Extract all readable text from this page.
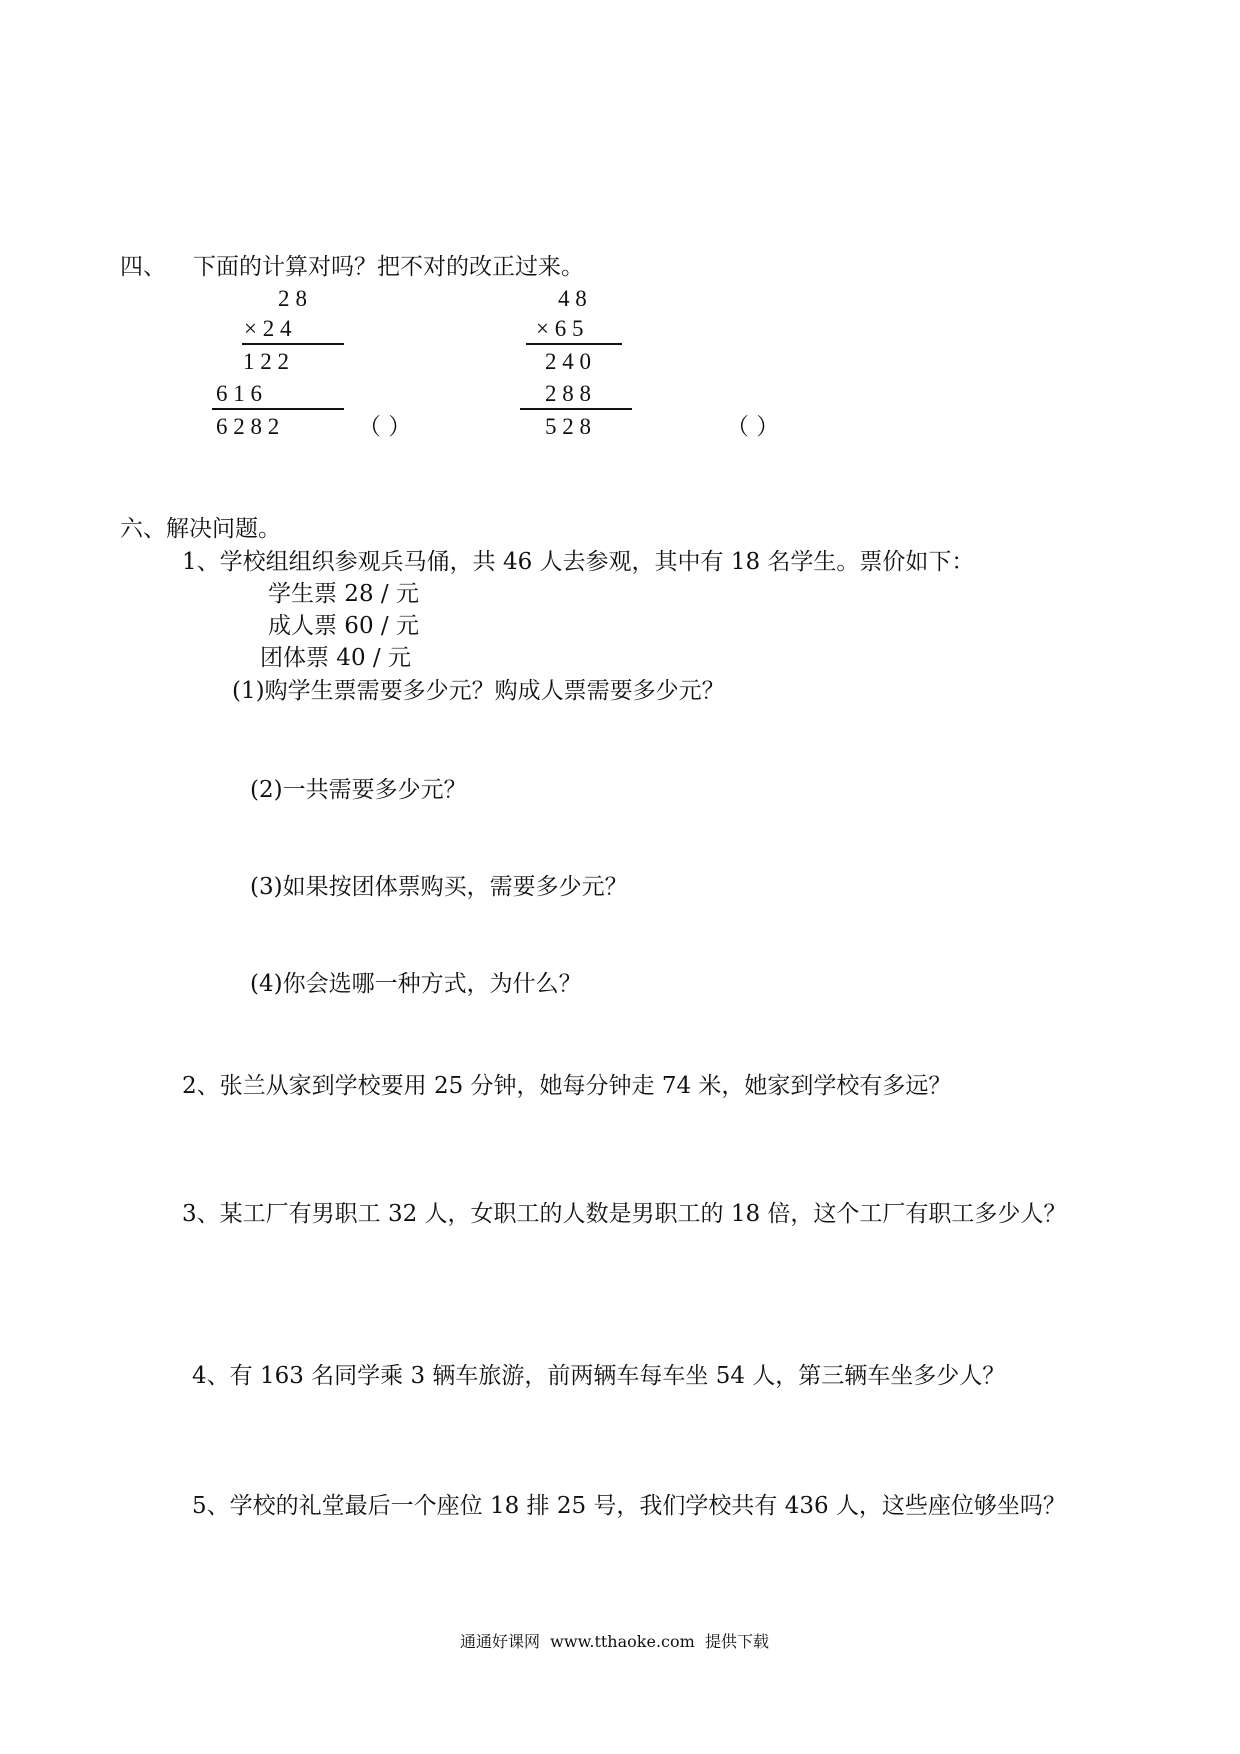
四、 下面的计算对吗？把不对的改正过来。
28
× 2 4
1 2 2
6 1 6
6 2 8 2	（ ）
4 8
× 6 5
2 4 0
2 8 8
5 2 8	（ ）
六、解决问题。
1、学校组组织参观兵马俑，共 46 人去参观，其中有 18 名学生。票价如下：
学生票 28 / 元
成人票 60 / 元
团体票 40 / 元
(1)购学生票需要多少元？购成人票需要多少元？
(2)一共需要多少元？
(3)如果按团体票购买，需要多少元？
(4)你会选哪一种方式，为什么？
2、张兰从家到学校要用 25 分钟，她每分钟走 74 米，她家到学校有多远？
3、某工厂有男职工 32 人，女职工的人数是男职工的 18 倍，这个工厂有职工多少人？
4、有 163 名同学乘 3 辆车旅游，前两辆车每车坐 54 人，第三辆车坐多少人？
5、学校的礼堂最后一个座位 18 排 25 号，我们学校共有 436 人，这些座位够坐吗？
通通好课网  www.tthaoke.com  提供下载
